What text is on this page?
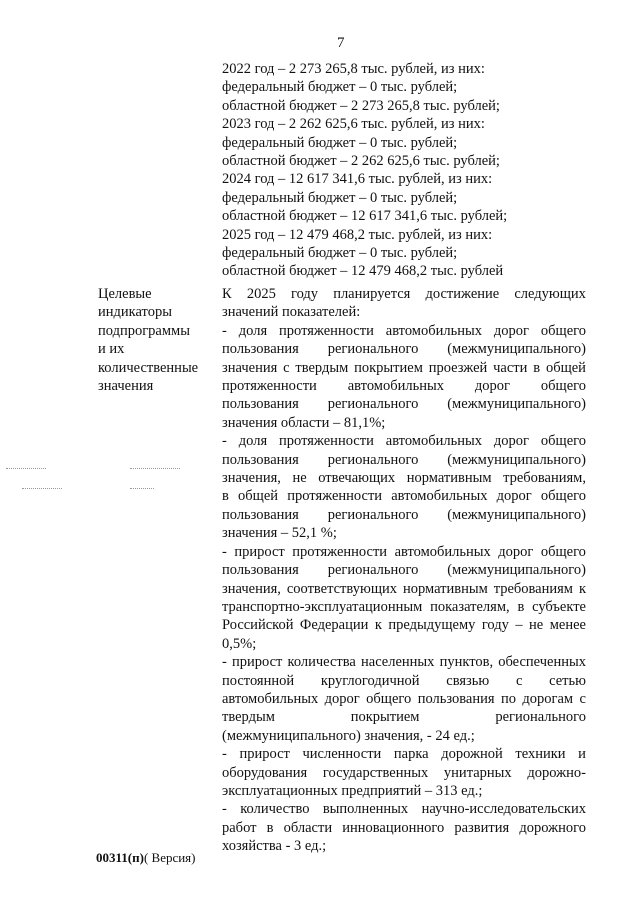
7
2022 год – 2 273 265,8 тыс. рублей, из них:
федеральный бюджет – 0 тыс. рублей;
областной бюджет – 2 273 265,8 тыс. рублей;
2023 год – 2 262 625,6 тыс. рублей, из них:
федеральный бюджет – 0 тыс. рублей;
областной бюджет – 2 262 625,6 тыс. рублей;
2024 год – 12 617 341,6 тыс. рублей, из них:
федеральный бюджет – 0 тыс. рублей;
областной бюджет – 12 617 341,6 тыс. рублей;
2025 год – 12 479 468,2 тыс. рублей, из них:
федеральный бюджет – 0 тыс. рублей;
областной бюджет – 12 479 468,2 тыс. рублей
Целевые
индикаторы
подпрограммы
и их
количественные
значения
К 2025 году планируется достижение следующих
значений показателей:
- доля протяженности автомобильных дорог общего
пользования регионального (межмуниципального)
значения с твердым покрытием проезжей части в общей
протяженности автомобильных дорог общего
пользования регионального (межмуниципального)
значения области – 81,1%;
- доля протяженности автомобильных дорог общего
пользования регионального (межмуниципального)
значения, не отвечающих нормативным требованиям,
в общей протяженности автомобильных дорог общего
пользования регионального (межмуниципального)
значения – 52,1 %;
- прирост протяженности автомобильных дорог общего
пользования регионального (межмуниципального)
значения, соответствующих нормативным требованиям к
транспортно-эксплуатационным показателям, в субъекте
Российской Федерации к предыдущему году – не менее
0,5%;
- прирост количества населенных пунктов, обеспеченных
постоянной круглогодичной связью с сетью
автомобильных дорог общего пользования по дорогам с
твердым	покрытием	регионального
(межмуниципального) значения, - 24 ед.;
- прирост численности парка дорожной техники и
оборудования государственных унитарных дорожно-
эксплуатационных предприятий – 313 ед.;
- количество выполненных научно-исследовательских
работ в области инновационного развития дорожного
хозяйства - 3 ед.;
00311(п)( Версия)
